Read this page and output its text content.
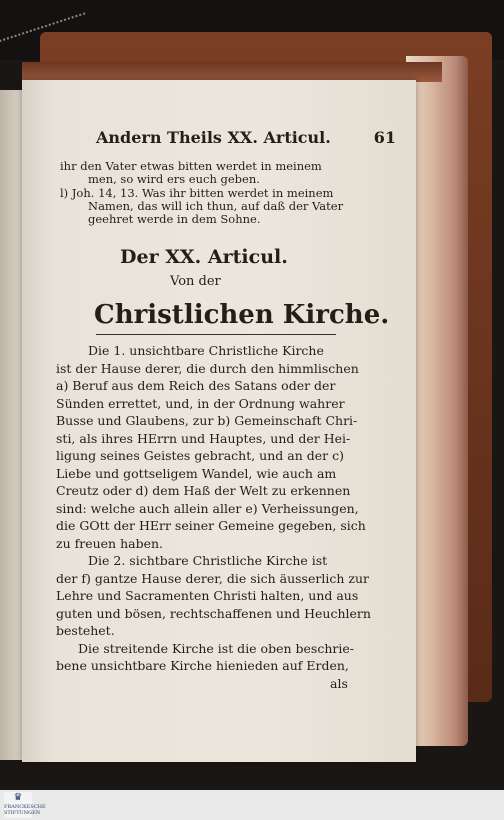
Andern Theils XX. Articul.	61
ihr den Vater etwas bitten werdet in meinem
men, so wird ers euch geben.
l) Joh. 14, 13. Was ihr bitten werdet in meinem
Namen, das will ich thun, auf daß der Vater
geehret werde in dem Sohne.
Der XX. Articul.
Von der
Christlichen Kirche.
Die 1. unsichtbare Christliche Kirche
ist der Hause derer, die durch den himmlischen
a) Beruf aus dem Reich des Satans oder der
Sünden errettet, und, in der Ordnung wahrer
Busse und Glaubens, zur b) Gemeinschaft Chri-
sti, als ihres HErrn und Hauptes, und der Hei-
ligung seines Geistes gebracht, und an der c)
Liebe und gottseligem Wandel, wie auch am
Creutz oder d) dem Haß der Welt zu erkennen
sind: welche auch allein aller e) Verheissungen,
die GOtt der HErr seiner Gemeine gegeben, sich
zu freuen haben.
Die 2. sichtbare Christliche Kirche ist
der f) gantze Hause derer, die sich äusserlich zur
Lehre und Sacramenten Christi halten, und aus
guten und bösen, rechtschaffenen und Heuchlern
bestehet.
Die streitende Kirche ist die oben beschrie-
bene unsichtbare Kirche hienieden auf Erden,
als
♛
FRANCKESCHE STIFTUNGEN
